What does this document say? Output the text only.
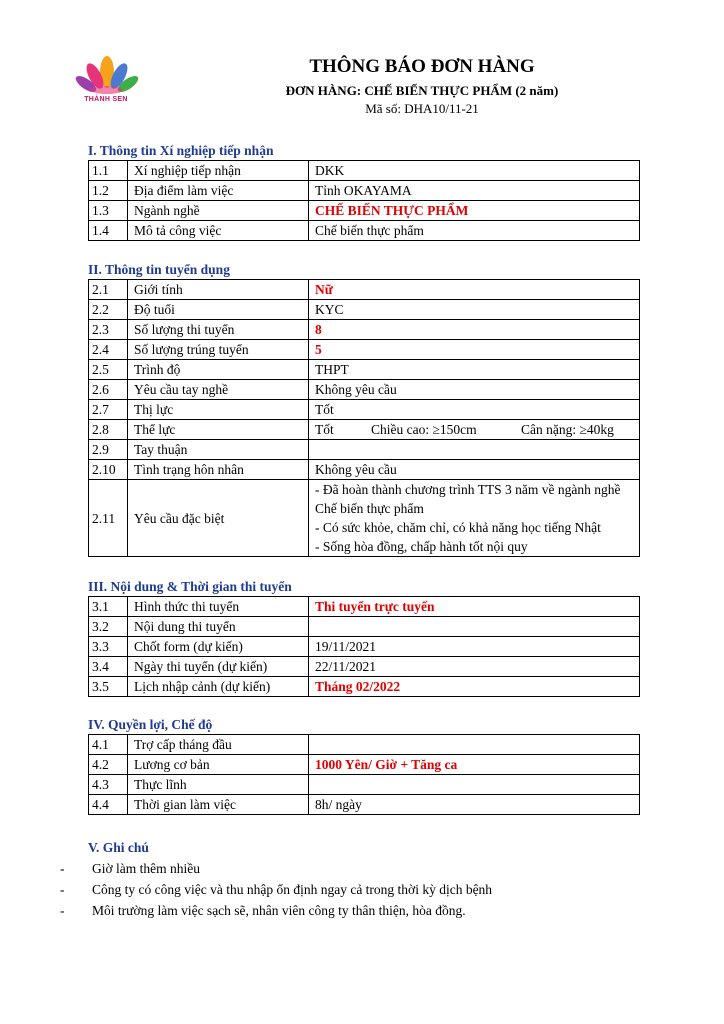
THÀNH SEN
THÔNG BÁO ĐƠN HÀNG
ĐƠN HÀNG: CHẾ BIẾN THỰC PHẨM (2 năm)
Mã số: DHA10/11-21
I. Thông tin Xí nghiệp tiếp nhận
1.1	Xí nghiệp tiếp nhận	DKK
1.2	Địa điểm làm việc	Tỉnh OKAYAMA
1.3	Ngành nghề	CHẾ BIẾN THỰC PHẨM
1.4	Mô tả công việc	Chế biến thực phẩm
II. Thông tin tuyển dụng
2.1	Giới tính	Nữ
2.2	Độ tuổi	KYC
2.3	Số lượng thi tuyển	8
2.4	Số lượng trúng tuyển	5
2.5	Trình độ	THPT
2.6	Yêu cầu tay nghề	Không yêu cầu
2.7	Thị lực	Tốt
2.8	Thể lực	Tốt Chiều cao: ≥150cm Cân nặng: ≥40kg
2.9	Tay thuận	
2.10	Tình trạng hôn nhân	Không yêu cầu
2.11	Yêu cầu đặc biệt	- Đã hoàn thành chương trình TTS 3 năm về ngành nghề
Chế biến thực phẩm
- Có sức khỏe, chăm chỉ, có khả năng học tiếng Nhật
- Sống hòa đồng, chấp hành tốt nội quy
III. Nội dung & Thời gian thi tuyển
3.1	Hình thức thi tuyển	Thi tuyển trực tuyến
3.2	Nội dung thi tuyển	
3.3	Chốt form (dự kiến)	19/11/2021
3.4	Ngày thi tuyển (dự kiến)	22/11/2021
3.5	Lịch nhập cảnh (dự kiến)	Tháng 02/2022
IV. Quyền lợi, Chế độ
4.1	Trợ cấp tháng đầu	
4.2	Lương cơ bản	1000 Yên/ Giờ + Tăng ca
4.3	Thực lĩnh	
4.4	Thời gian làm việc	8h/ ngày
V. Ghi chú
-	Giờ làm thêm nhiều
-	Công ty có công việc và thu nhập ổn định ngay cả trong thời kỳ dịch bệnh
-	Môi trường làm việc sạch sẽ, nhân viên công ty thân thiện, hòa đồng.
